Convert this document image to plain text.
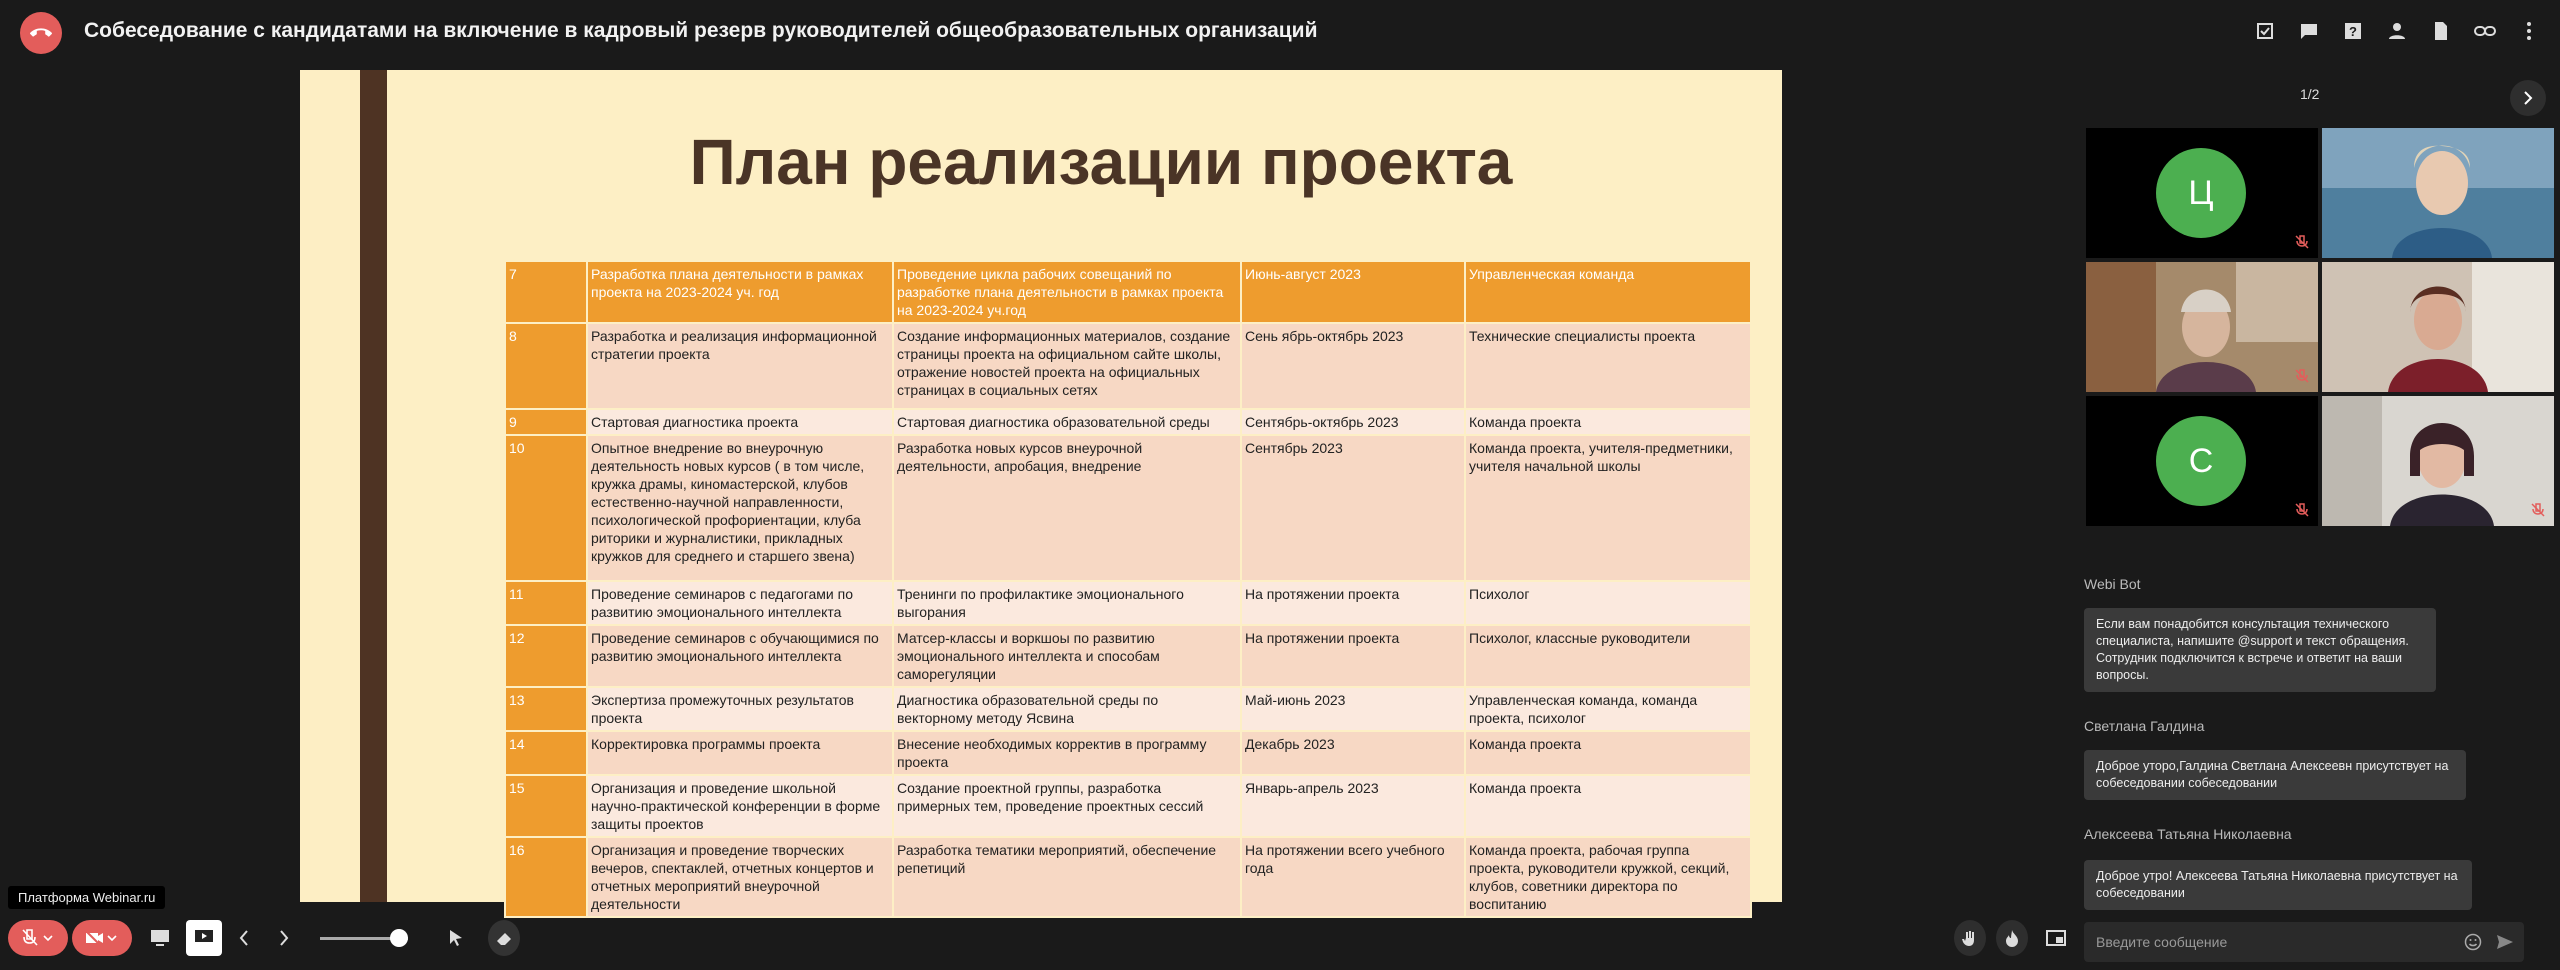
Собеседование с кандидатами на включение в кадровый резерв руководителей общеобразовательных организаций	?
План реализации проекта
7	Разработка плана деятельности в рамках проекта на 2023-2024 уч. год	Проведение цикла рабочих совещаний по разработке плана деятельности в рамках проекта на 2023-2024 уч.год	Июнь-август 2023	Управленческая команда
8	Разработка и реализация информационной стратегии проекта	Создание информационных материалов, создание страницы проекта на официальном сайте школы, отражение новостей проекта на официальных страницах в социальных сетях	Сень ябрь-октябрь 2023	Технические специалисты проекта
9	Стартовая диагностика проекта	Стартовая диагностика образовательной среды	Сентябрь-октябрь 2023	Команда проекта
10	Опытное внедрение во внеурочную деятельность новых курсов ( в том числе, кружка драмы, киномастерской, клубов естественно-научной направленности, психологической профориентации, клуба риторики и журналистики, прикладных кружков для среднего и старшего звена)	Разработка новых курсов внеурочной деятельности, апробация, внедрение	Сентябрь 2023	Команда проекта, учителя-предметники, учителя начальной школы
11	Проведение семинаров с педагогами по развитию эмоционального интеллекта	Тренинги по профилактике эмоционального выгорания	На протяжении проекта	Психолог
12	Проведение семинаров с обучающимися по развитию эмоционального интеллекта	Матсер-классы и воркшоы по развитию эмоционального интеллекта и способам саморегуляции	На протяжении проекта	Психолог, классные руководители
13	Экспертиза промежуточных результатов проекта	Диагностика образовательной среды по векторному методу Ясвина	Май-июнь 2023	Управленческая команда, команда проекта, психолог
14	Корректировка программы проекта	Внесение необходимых корректив в программу проекта	Декабрь 2023	Команда проекта
15	Организация и проведение школьной научно-практической конференции в форме защиты проектов	Создание проектной группы, разработка примерных тем, проведение проектных сессий	Январь-апрель 2023	Команда проекта
16	Организация и проведение творческих вечеров, спектаклей, отчетных концертов и отчетных мероприятий внеурочной деятельности	Разработка тематики мероприятий, обеспечение репетиций	На протяжении всего учебного года	Команда проекта, рабочая группа проекта, руководители кружкой, секций, клубов, советники директора по воспитанию
1/2
Ц
С
Webi Bot
Если вам понадобится консультация технического специалиста, напишите @support и текст обращения. Сотрудник подключится к встрече и ответит на ваши вопросы.
Светлана Галдина
Доброе уторо,Галдина Светлана Алексеевн присутствует на собеседовании собеседовании
Алексеева Татьяна Николаевна
Доброе утро! Алексеева Татьяна Николаевна присутствует на собеседовании
Платформа Webinar.ru
Введите сообщение
